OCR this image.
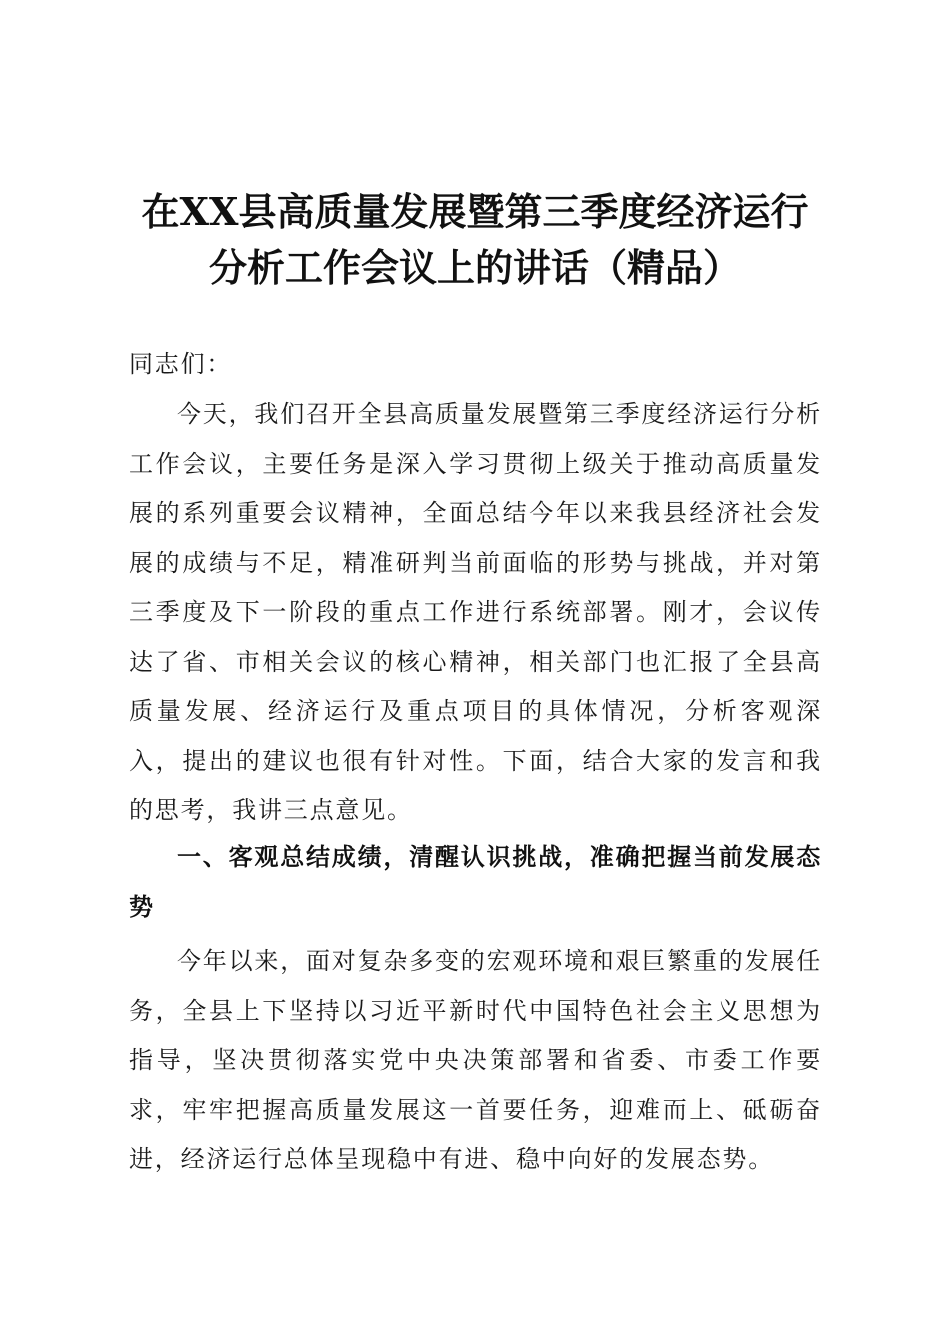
在XX县高质量发展暨第三季度经济运行
分析工作会议上的讲话（精品）
同志们：

今天，我们召开全县高质量发展暨第三季度经济运行分析工作会议，主要任务是深入学习贯彻上级关于推动高质量发展的系列重要会议精神，全面总结今年以来我县经济社会发展的成绩与不足，精准研判当前面临的形势与挑战，并对第三季度及下一阶段的重点工作进行系统部署。刚才，会议传达了省、市相关会议的核心精神，相关部门也汇报了全县高质量发展、经济运行及重点项目的具体情况，分析客观深入，提出的建议也很有针对性。下面，结合大家的发言和我的思考，我讲三点意见。

一、客观总结成绩，清醒认识挑战，准确把握当前发展态势

今年以来，面对复杂多变的宏观环境和艰巨繁重的发展任务，全县上下坚持以习近平新时代中国特色社会主义思想为指导，坚决贯彻落实党中央决策部署和省委、市委工作要求，牢牢把握高质量发展这一首要任务，迎难而上、砥砺奋进，经济运行总体呈现稳中有进、稳中向好的发展态势。
